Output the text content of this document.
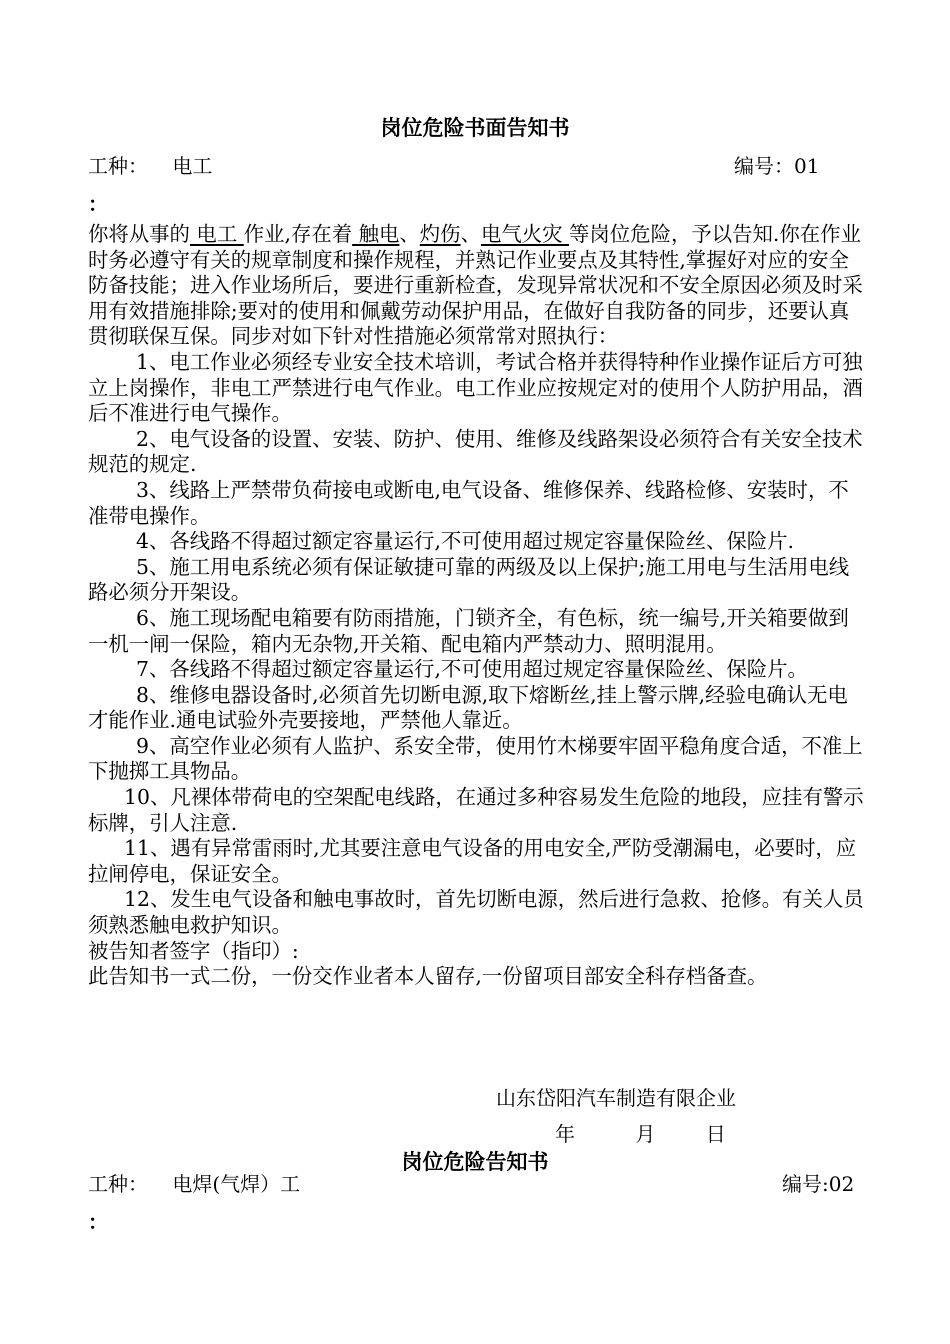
岗位危险书面告知书
工种： 电工	编号：01
：

你将从事的 电工 作业,存在着 触电、灼伤、电气火灾 等岗位危险，予以告知.你在作业时务必遵守有关的规章制度和操作规程，并熟记作业要点及其特性,掌握好对应的安全防备技能；进入作业场所后，要进行重新检查，发现异常状况和不安全原因必须及时采用有效措施排除;要对的使用和佩戴劳动保护用品，在做好自我防备的同步，还要认真贯彻联保互保。同步对如下针对性措施必须常常对照执行：

1、电工作业必须经专业安全技术培训，考试合格并获得特种作业操作证后方可独立上岗操作，非电工严禁进行电气作业。电工作业应按规定对的使用个人防护用品，酒后不准进行电气操作。

2、电气设备的设置、安装、防护、使用、维修及线路架设必须符合有关安全技术规范的规定.

3、线路上严禁带负荷接电或断电,电气设备、维修保养、线路检修、安装时，不准带电操作。

4、各线路不得超过额定容量运行,不可使用超过规定容量保险丝、保险片.

5、施工用电系统必须有保证敏捷可靠的两级及以上保护;施工用电与生活用电线路必须分开架设。

6、施工现场配电箱要有防雨措施，门锁齐全，有色标，统一编号,开关箱要做到一机一闸一保险，箱内无杂物,开关箱、配电箱内严禁动力、照明混用。

7、各线路不得超过额定容量运行,不可使用超过规定容量保险丝、保险片。

8、维修电器设备时,必须首先切断电源,取下熔断丝,挂上警示牌,经验电确认无电才能作业.通电试验外壳要接地，严禁他人靠近。

9、高空作业必须有人监护、系安全带，使用竹木梯要牢固平稳角度合适，不准上下抛掷工具物品。

10、凡裸体带荷电的空架配电线路，在通过多种容易发生危险的地段，应挂有警示标牌，引人注意.

11、遇有异常雷雨时,尤其要注意电气设备的用电安全,严防受潮漏电，必要时，应拉闸停电，保证安全。

12、发生电气设备和触电事故时，首先切断电源，然后进行急救、抢修。有关人员须熟悉触电救护知识。

被告知者签字（指印）:

此告知书一式二份，一份交作业者本人留存,一份留项目部安全科存档备查。

山东岱阳汽车制造有限企业
年	月	日
岗位危险告知书
工种： 电焊(气焊）工	编号:02
：
